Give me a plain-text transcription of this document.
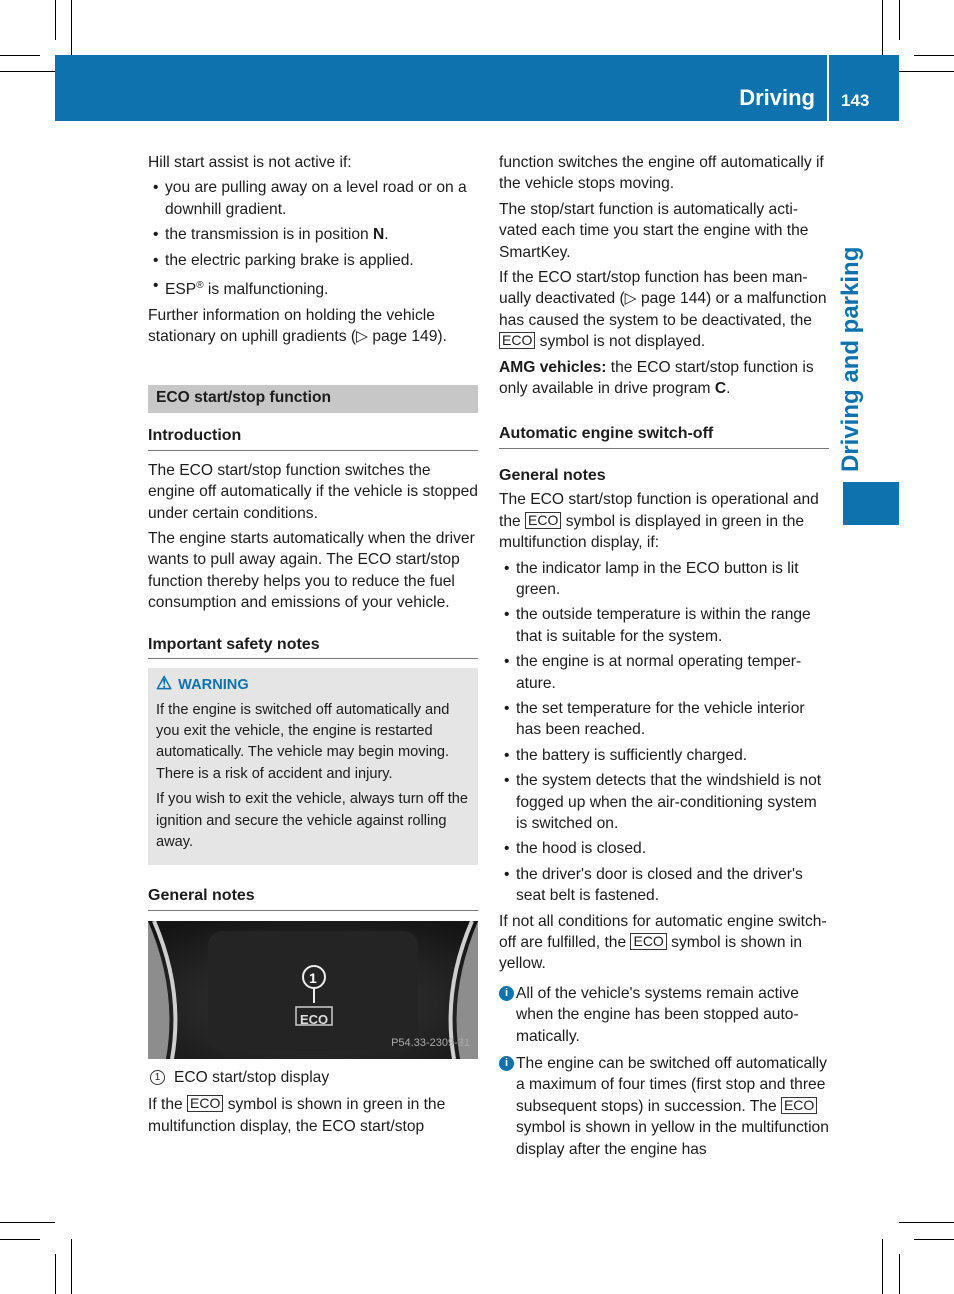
Driving 143
Driving and parking

Hill start assist is not active if:

• you are pulling away on a level road or on a downhill gradient.
• the transmission is in position N.
• the electric parking brake is applied.
• ESP® is malfunctioning.

Further information on holding the vehicle stationary on uphill gradients (▷ page 149).

ECO start/stop function
Introduction

The ECO start/stop function switches the engine off automatically if the vehicle is stopped under certain conditions.

The engine starts automatically when the driver wants to pull away again. The ECO start/stop function thereby helps you to reduce the fuel consumption and emissions of your vehicle.

Important safety notes
⚠ WARNING

If the engine is switched off automatically and you exit the vehicle, the engine is restarted automatically. The vehicle may begin moving. There is a risk of accident and injury.

If you wish to exit the vehicle, always turn off the ignition and secure the vehicle against rolling away.

General notes
1
ECO
P54.33-2309-31
1 ECO start/stop display

If the ECO symbol is shown in green in the multifunction display, the ECO start/stop

function switches the engine off automatically if the vehicle stops moving.

The stop/start function is automatically activated each time you start the engine with the SmartKey.

If the ECO start/stop function has been manually deactivated (▷ page 144) or a malfunction has caused the system to be deactivated, the ECO symbol is not displayed.

AMG vehicles: the ECO start/stop function is only available in drive program C.

Automatic engine switch-off
General notes

The ECO start/stop function is operational and the ECO symbol is displayed in green in the multifunction display, if:

• the indicator lamp in the ECO button is lit green.
• the outside temperature is within the range that is suitable for the system.
• the engine is at normal operating temperature.
• the set temperature for the vehicle interior has been reached.
• the battery is sufficiently charged.
• the system detects that the windshield is not fogged up when the air-conditioning system is switched on.
• the hood is closed.
• the driver's door is closed and the driver's seat belt is fastened.

If not all conditions for automatic engine switch-off are fulfilled, the ECO symbol is shown in yellow.

i All of the vehicle's systems remain active when the engine has been stopped automatically.
i The engine can be switched off automatically a maximum of four times (first stop and three subsequent stops) in succession. The ECO symbol is shown in yellow in the multifunction display after the engine has
